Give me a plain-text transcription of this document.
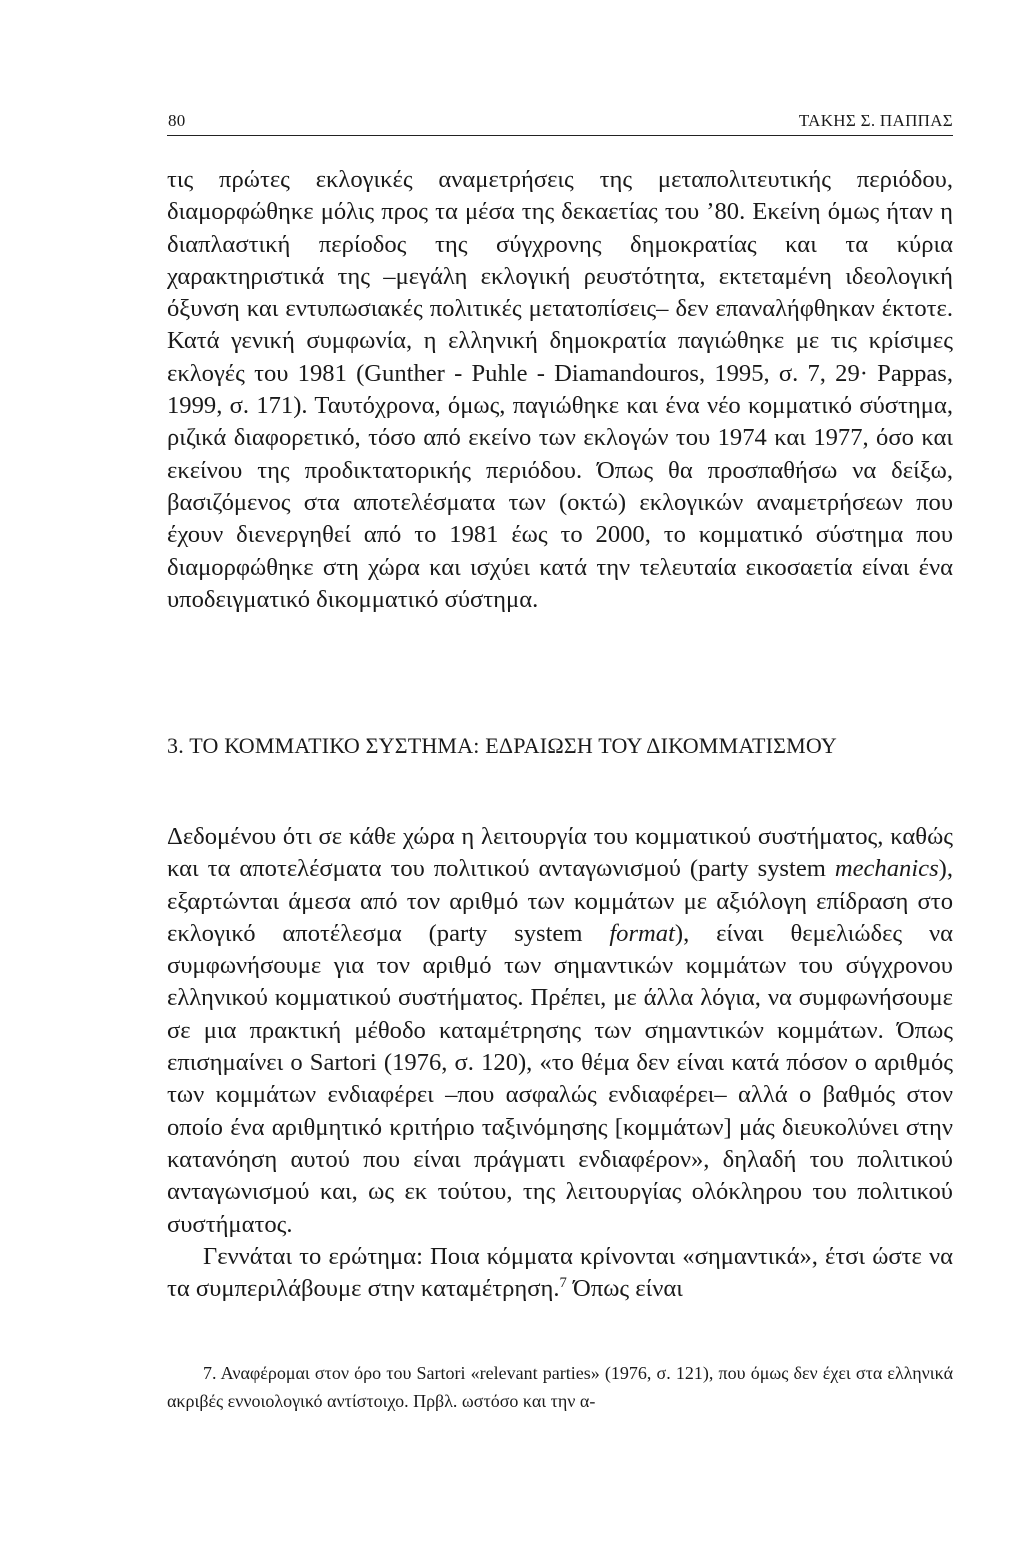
80	ΤΑΚΗΣ Σ. ΠΑΠΠΑΣ

τις πρώτες εκλογικές αναμετρήσεις της μεταπολιτευτικής περιόδου, διαμορφώθηκε μόλις προς τα μέσα της δεκαετίας του ’80. Εκείνη όμως ήταν η διαπλαστική περίοδος της σύγχρονης δημοκρατίας και τα κύρια χαρακτηριστικά της –μεγάλη εκλογική ρευστότητα, εκτεταμένη ιδεολογική όξυνση και εντυπωσιακές πολιτικές μετατοπίσεις– δεν επαναλήφθηκαν έκτοτε. Κατά γενική συμφωνία, η ελληνική δημοκρατία παγιώθηκε με τις κρίσιμες εκλογές του 1981 (Gunther - Puhle - Diamandouros, 1995, σ. 7, 29· Pappas, 1999, σ. 171). Ταυτόχρονα, όμως, παγιώθηκε και ένα νέο κομματικό σύστημα, ριζικά διαφορετικό, τόσο από εκείνο των εκλογών του 1974 και 1977, όσο και εκείνου της προδικτατορικής περιόδου. Όπως θα προσπαθήσω να δείξω, βασιζόμενος στα αποτελέσματα των (οκτώ) εκλογικών αναμετρήσεων που έχουν διενεργηθεί από το 1981 έως το 2000, το κομματικό σύστημα που διαμορφώθηκε στη χώρα και ισχύει κατά την τελευταία εικοσαετία είναι ένα υποδειγματικό δικομματικό σύστημα.

3. ΤΟ ΚΟΜΜΑΤΙΚΟ ΣΥΣΤΗΜΑ: ΕΔΡΑΙΩΣΗ ΤΟΥ ΔΙΚΟΜΜΑΤΙΣΜΟΥ

Δεδομένου ότι σε κάθε χώρα η λειτουργία του κομματικού συστήματος, καθώς και τα αποτελέσματα του πολιτικού ανταγωνισμού (party system mechanics), εξαρτώνται άμεσα από τον αριθμό των κομμάτων με αξιόλογη επίδραση στο εκλογικό αποτέλεσμα (party system format), είναι θεμελιώδες να συμφωνήσουμε για τον αριθμό των σημαντικών κομμάτων του σύγχρονου ελληνικού κομματικού συστήματος. Πρέπει, με άλλα λόγια, να συμφωνήσουμε σε μια πρακτική μέθοδο καταμέτρησης των σημαντικών κομμάτων. Όπως επισημαίνει ο Sartori (1976, σ. 120), «το θέμα δεν είναι κατά πόσον ο αριθμός των κομμάτων ενδιαφέρει –που ασφαλώς ενδιαφέρει– αλλά ο βαθμός στον οποίο ένα αριθμητικό κριτήριο ταξινόμησης [κομμάτων] μάς διευκολύνει στην κατανόηση αυτού που είναι πράγματι ενδιαφέρον», δηλαδή του πολιτικού ανταγωνισμού και, ως εκ τούτου, της λειτουργίας ολόκληρου του πολιτικού συστήματος.

Γεννάται το ερώτημα: Ποια κόμματα κρίνονται «σημαντικά», έτσι ώστε να τα συμπεριλάβουμε στην καταμέτρηση.$^7$ Όπως είναι

7. Αναφέρομαι στον όρο του Sartori «relevant parties» (1976, σ. 121), που όμως δεν έχει στα ελληνικά ακριβές εννοιολογικό αντίστοιχο. Πρβλ. ωστόσο και την α-
